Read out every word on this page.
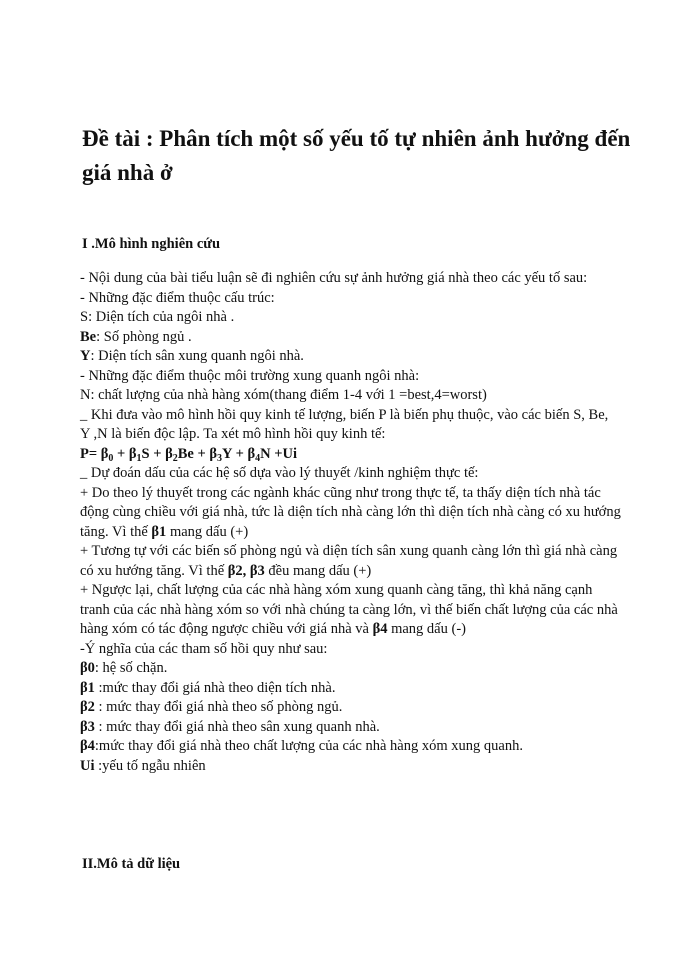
Đề tài : Phân tích một số yếu tố tự nhiên ảnh hưởng đến giá nhà ở
I .Mô hình nghiên cứu

- Nội dung của bài tiểu luận sẽ đi nghiên cứu sự ảnh hưởng giá nhà theo các yếu tố sau:

- Những đặc điểm thuộc cấu trúc:

S: Diện tích của ngôi nhà .

Be: Số phòng ngủ .

Y: Diện tích sân xung quanh ngôi nhà.

- Những đặc điểm thuộc môi trường xung quanh ngôi nhà:

N: chất lượng của nhà hàng xóm(thang điểm 1-4 với 1 =best,4=worst)

_ Khi đưa vào mô hình hồi quy kinh tế lượng, biến P là biến phụ thuộc, vào các biến S, Be,

Y ,N là biến độc lập. Ta xét mô hình hồi quy kinh tế:

$P= \beta_0 + \beta_1S + \beta_2Be + \beta_3Y + \beta_4N +Ui$

_ Dự đoán dấu của các hệ số dựa vào lý thuyết /kinh nghiệm thực tế:

+ Do theo lý thuyết trong các ngành khác cũng như trong thực tế, ta thấy diện tích nhà tác động cùng chiều với giá nhà, tức là diện tích nhà càng lớn thì diện tích nhà càng có xu hướng tăng. Vì thế β1 mang dấu (+)

+ Tương tự với các biến số phòng ngủ và diện tích sân xung quanh càng lớn thì giá nhà càng có xu hướng tăng. Vì thế β2, β3 đều mang dấu (+)

+ Ngược lại, chất lượng của các nhà hàng xóm xung quanh càng tăng, thì khả năng cạnh tranh của các nhà hàng xóm so với nhà chúng ta càng lớn, vì thế biến chất lượng của các nhà hàng xóm có tác động ngược chiều với giá nhà và β4 mang dấu (-)

-Ý nghĩa của các tham số hồi quy như sau:

β0: hệ số chặn.

β1 :mức thay đổi giá nhà theo diện tích nhà.

β2 : mức thay đổi giá nhà theo số phòng ngủ.

β3 : mức thay đổi giá nhà theo sân xung quanh nhà.

β4:mức thay đổi giá nhà theo chất lượng của các nhà hàng xóm xung quanh.

Ui :yếu tố ngẫu nhiên

II.Mô tả dữ liệu
